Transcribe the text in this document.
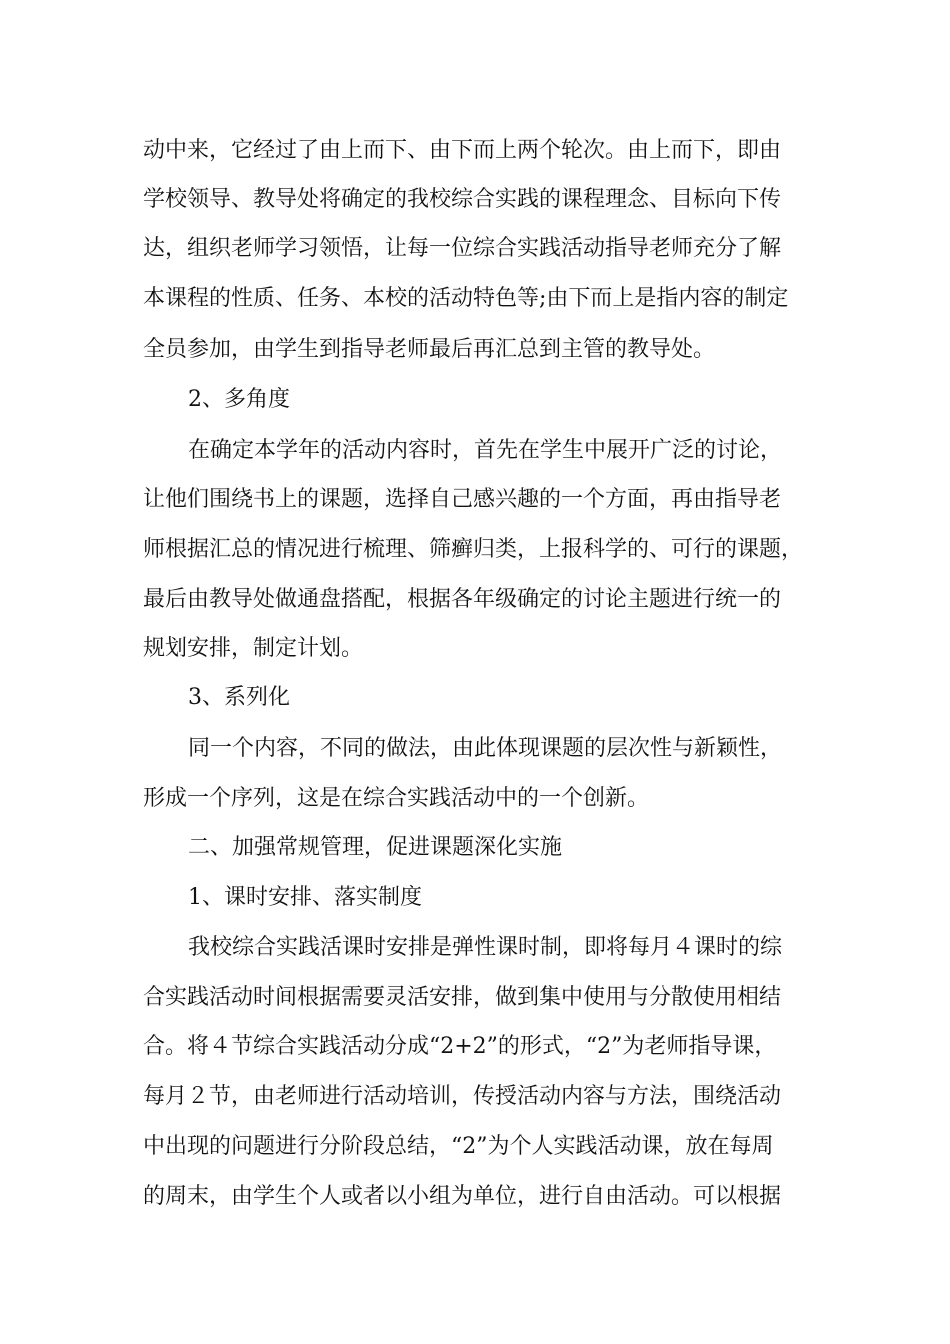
动中来，它经过了由上而下、由下而上两个轮次。由上而下，即由
学校领导、教导处将确定的我校综合实践的课程理念、目标向下传
达，组织老师学习领悟，让每一位综合实践活动指导老师充分了解
本课程的性质、任务、本校的活动特色等;由下而上是指内容的制定
全员参加，由学生到指导老师最后再汇总到主管的教导处。
2、多角度
在确定本学年的活动内容时，首先在学生中展开广泛的讨论，
让他们围绕书上的课题，选择自己感兴趣的一个方面，再由指导老
师根据汇总的情况进行梳理、筛癣归类，上报科学的、可行的课题，
最后由教导处做通盘搭配，根据各年级确定的讨论主题进行统一的
规划安排，制定计划。
3、系列化
同一个内容，不同的做法，由此体现课题的层次性与新颖性，
形成一个序列，这是在综合实践活动中的一个创新。
二、加强常规管理，促进课题深化实施
1、课时安排、落实制度
我校综合实践活课时安排是弹性课时制，即将每月４课时的综
合实践活动时间根据需要灵活安排，做到集中使用与分散使用相结
合。将４节综合实践活动分成“2+2”的形式，“2”为老师指导课，
每月２节，由老师进行活动培训，传授活动内容与方法，围绕活动
中出现的问题进行分阶段总结，“2”为个人实践活动课，放在每周
的周末，由学生个人或者以小组为单位，进行自由活动。可以根据
